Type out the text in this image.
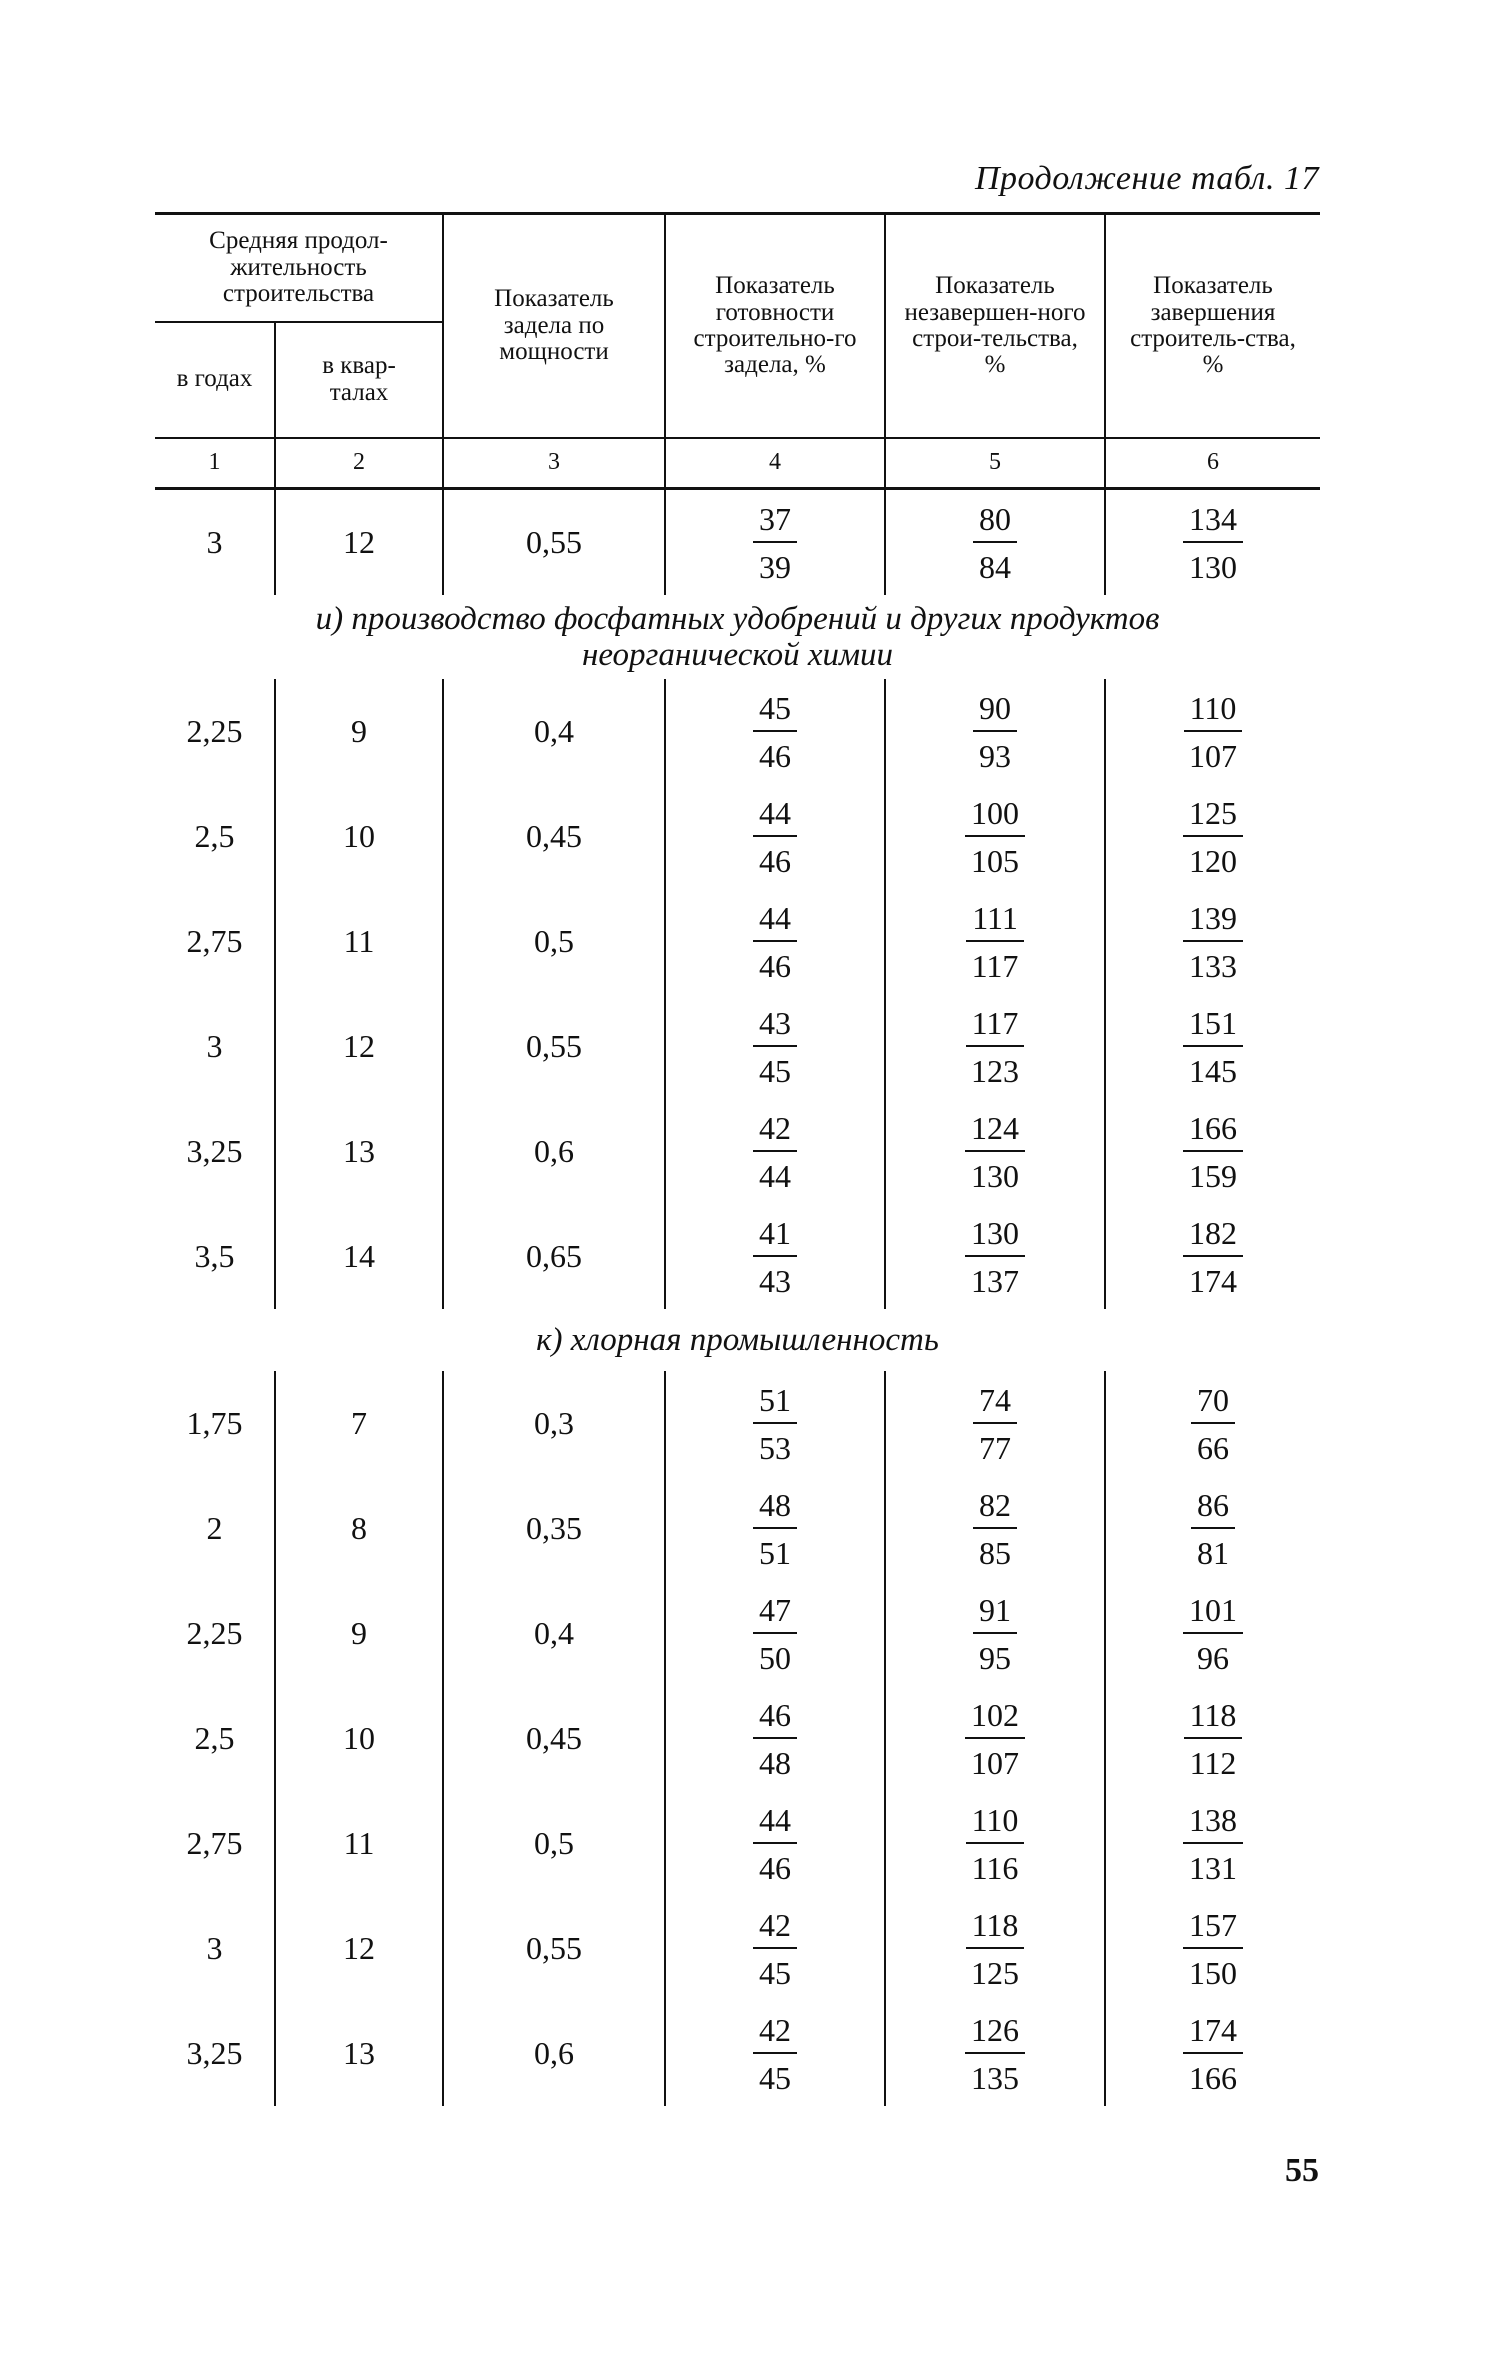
Продолжение табл. 17
Средняя продол-жительность строительства		Показатель задела по мощности	Показатель готовности строительно-го задела, %	Показатель незавершен-ного строи-тельства, %	Показатель завершения строитель-ства, %
в годах	в квар-талах				
1	2	3	4	5	6
3	12	0,55	$\frac{37}{39}$	$\frac{80}{84}$	$\frac{134}{130}$

и) производство фосфатных удобрений и других продуктов неорганической химии					
2,25	9	0,4	$\frac{45}{46}$	$\frac{90}{93}$	$\frac{110}{107}$

2,5	10	0,45	$\frac{44}{46}$	$\frac{100}{105}$	$\frac{125}{120}$

2,75	11	0,5	$\frac{44}{46}$	$\frac{111}{117}$	$\frac{139}{133}$

3	12	0,55	$\frac{43}{45}$	$\frac{117}{123}$	$\frac{151}{145}$

3,25	13	0,6	$\frac{42}{44}$	$\frac{124}{130}$	$\frac{166}{159}$

3,5	14	0,65	$\frac{41}{43}$	$\frac{130}{137}$	$\frac{182}{174}$

к) хлорная промышленность					
1,75	7	0,3	$\frac{51}{53}$	$\frac{74}{77}$	$\frac{70}{66}$

2	8	0,35	$\frac{48}{51}$	$\frac{82}{85}$	$\frac{86}{81}$

2,25	9	0,4	$\frac{47}{50}$	$\frac{91}{95}$	$\frac{101}{96}$

2,5	10	0,45	$\frac{46}{48}$	$\frac{102}{107}$	$\frac{118}{112}$

2,75	11	0,5	$\frac{44}{46}$	$\frac{110}{116}$	$\frac{138}{131}$

3	12	0,55	$\frac{42}{45}$	$\frac{118}{125}$	$\frac{157}{150}$

3,25	13	0,6	$\frac{42}{45}$	$\frac{126}{135}$	$\frac{174}{166}$
55
